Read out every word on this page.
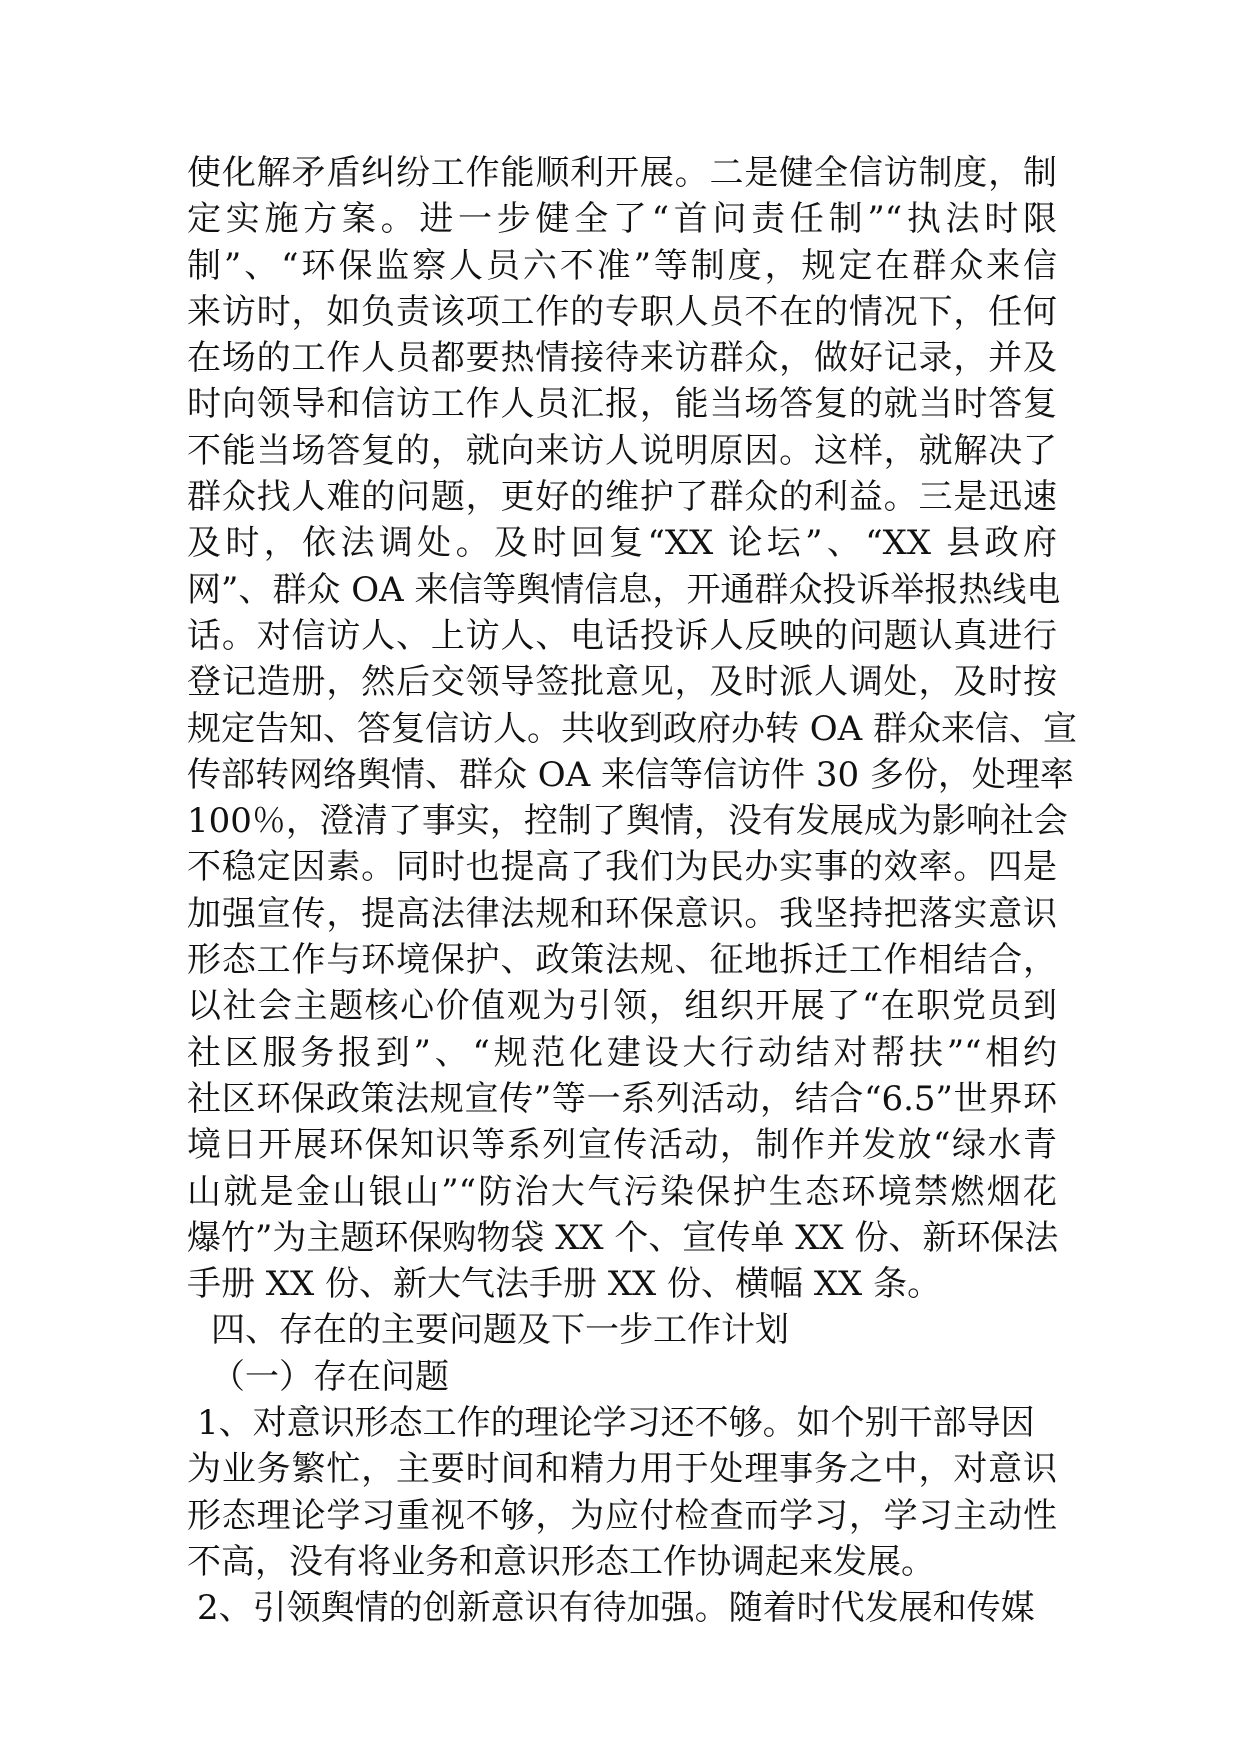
使化解矛盾纠纷工作能顺利开展。二是健全信访制度，制
定实施方案。进一步健全了“首问责任制”“执法时限
制”、“环保监察人员六不准”等制度，规定在群众来信
来访时，如负责该项工作的专职人员不在的情况下，任何
在场的工作人员都要热情接待来访群众，做好记录，并及
时向领导和信访工作人员汇报，能当场答复的就当时答复
不能当场答复的，就向来访人说明原因。这样，就解决了
群众找人难的问题，更好的维护了群众的利益。三是迅速
及时，依法调处。及时回复“XX 论坛”、“XX 县政府
网”、群众 OA 来信等舆情信息，开通群众投诉举报热线电
话。对信访人、上访人、电话投诉人反映的问题认真进行
登记造册，然后交领导签批意见，及时派人调处，及时按
规定告知、答复信访人。共收到政府办转 OA 群众来信、宣
传部转网络舆情、群众 OA 来信等信访件 30 多份，处理率
100％，澄清了事实，控制了舆情，没有发展成为影响社会
不稳定因素。同时也提高了我们为民办实事的效率。四是
加强宣传，提高法律法规和环保意识。我坚持把落实意识
形态工作与环境保护、政策法规、征地拆迁工作相结合，
以社会主题核心价值观为引领，组织开展了“在职党员到
社区服务报到”、“规范化建设大行动结对帮扶”“相约
社区环保政策法规宣传”等一系列活动，结合“6.5”世界环
境日开展环保知识等系列宣传活动，制作并发放“绿水青
山就是金山银山”“防治大气污染保护生态环境禁燃烟花
爆竹”为主题环保购物袋 XX 个、宣传单 XX 份、新环保法
手册 XX 份、新大气法手册 XX 份、横幅 XX 条。
四、存在的主要问题及下一步工作计划
（一）存在问题
1、对意识形态工作的理论学习还不够。如个别干部导因
为业务繁忙，主要时间和精力用于处理事务之中，对意识
形态理论学习重视不够，为应付检查而学习，学习主动性
不高，没有将业务和意识形态工作协调起来发展。
2、引领舆情的创新意识有待加强。随着时代发展和传媒
